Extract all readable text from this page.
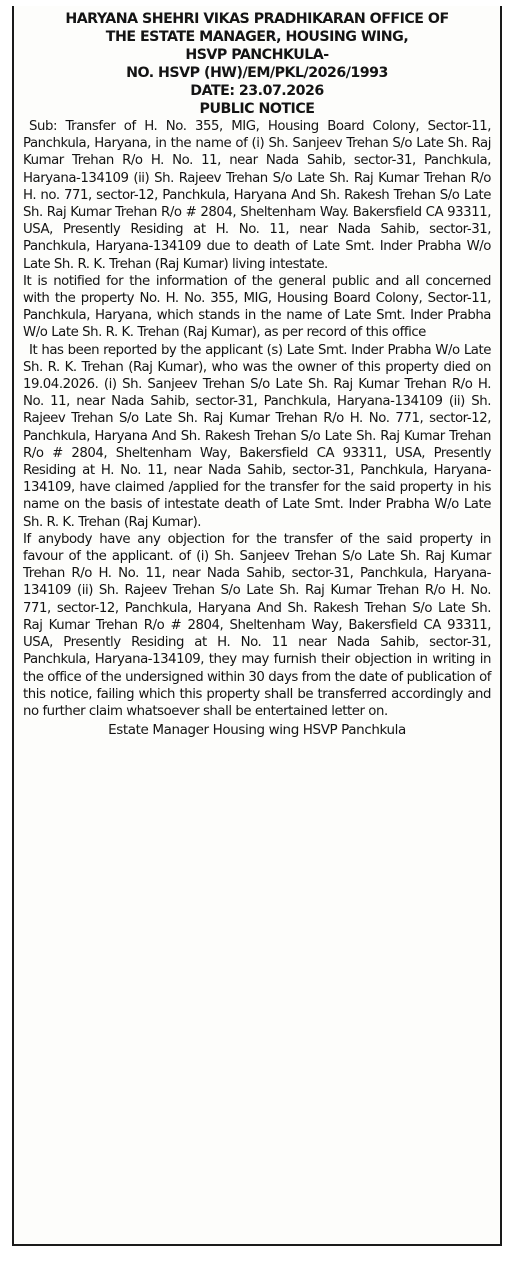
HARYANA SHEHRI VIKAS PRADHIKARAN OFFICE OF
THE ESTATE MANAGER, HOUSING WING,
HSVP PANCHKULA-
NO. HSVP (HW)/EM/PKL/2026/1993
DATE: 23.07.2026
PUBLIC NOTICE

Sub: Transfer of H. No. 355, MIG, Housing Board Colony, Sector-11, Panchkula, Haryana, in the name of (i) Sh. Sanjeev Trehan S/o Late Sh. Raj Kumar Trehan R/o H. No. 11, near Nada Sahib, sector-31, Panchkula, Haryana-134109 (ii) Sh. Rajeev Trehan S/o Late Sh. Raj Kumar Trehan R/o H. no. 771, sector-12, Panchkula, Haryana And Sh. Rakesh Trehan S/o Late Sh. Raj Kumar Trehan R/o # 2804, Sheltenham Way. Bakersfield CA 93311, USA, Presently Residing at H. No. 11, near Nada Sahib, sector-31, Panchkula, Haryana-134109 due to death of Late Smt. Inder Prabha W/o Late Sh. R. K. Trehan (Raj Kumar) living intestate.

It is notified for the information of the general public and all concerned with the property No. H. No. 355, MIG, Housing Board Colony, Sector-11, Panchkula, Haryana, which stands in the name of Late Smt. Inder Prabha W/o Late Sh. R. K. Trehan (Raj Kumar), as per record of this office

It has been reported by the applicant (s) Late Smt. Inder Prabha W/o Late Sh. R. K. Trehan (Raj Kumar), who was the owner of this property died on 19.04.2026. (i) Sh. Sanjeev Trehan S/o Late Sh. Raj Kumar Trehan R/o H. No. 11, near Nada Sahib, sector-31, Panchkula, Haryana-134109 (ii) Sh. Rajeev Trehan S/o Late Sh. Raj Kumar Trehan R/o H. No. 771, sector-12, Panchkula, Haryana And Sh. Rakesh Trehan S/o Late Sh. Raj Kumar Trehan R/o # 2804, Sheltenham Way, Bakersfield CA 93311, USA, Presently Residing at H. No. 11, near Nada Sahib, sector-31, Panchkula, Haryana- 134109, have claimed /applied for the transfer for the said property in his name on the basis of intestate death of Late Smt. Inder Prabha W/o Late Sh. R. K. Trehan (Raj Kumar).

If anybody have any objection for the transfer of the said property in favour of the applicant. of (i) Sh. Sanjeev Trehan S/o Late Sh. Raj Kumar Trehan R/o H. No. 11, near Nada Sahib, sector-31, Panchkula, Haryana-134109 (ii) Sh. Rajeev Trehan S/o Late Sh. Raj Kumar Trehan R/o H. No. 771, sector-12, Panchkula, Haryana And Sh. Rakesh Trehan S/o Late Sh. Raj Kumar Trehan R/o # 2804, Sheltenham Way, Bakersfield CA 93311, USA, Presently Residing at H. No. 11 near Nada Sahib, sector-31, Panchkula, Haryana-134109, they may furnish their objection in writing in the office of the undersigned within 30 days from the date of publication of this notice, failing which this property shall be transferred accordingly and no further claim whatsoever shall be entertained letter on.

Estate Manager Housing wing HSVP Panchkula
